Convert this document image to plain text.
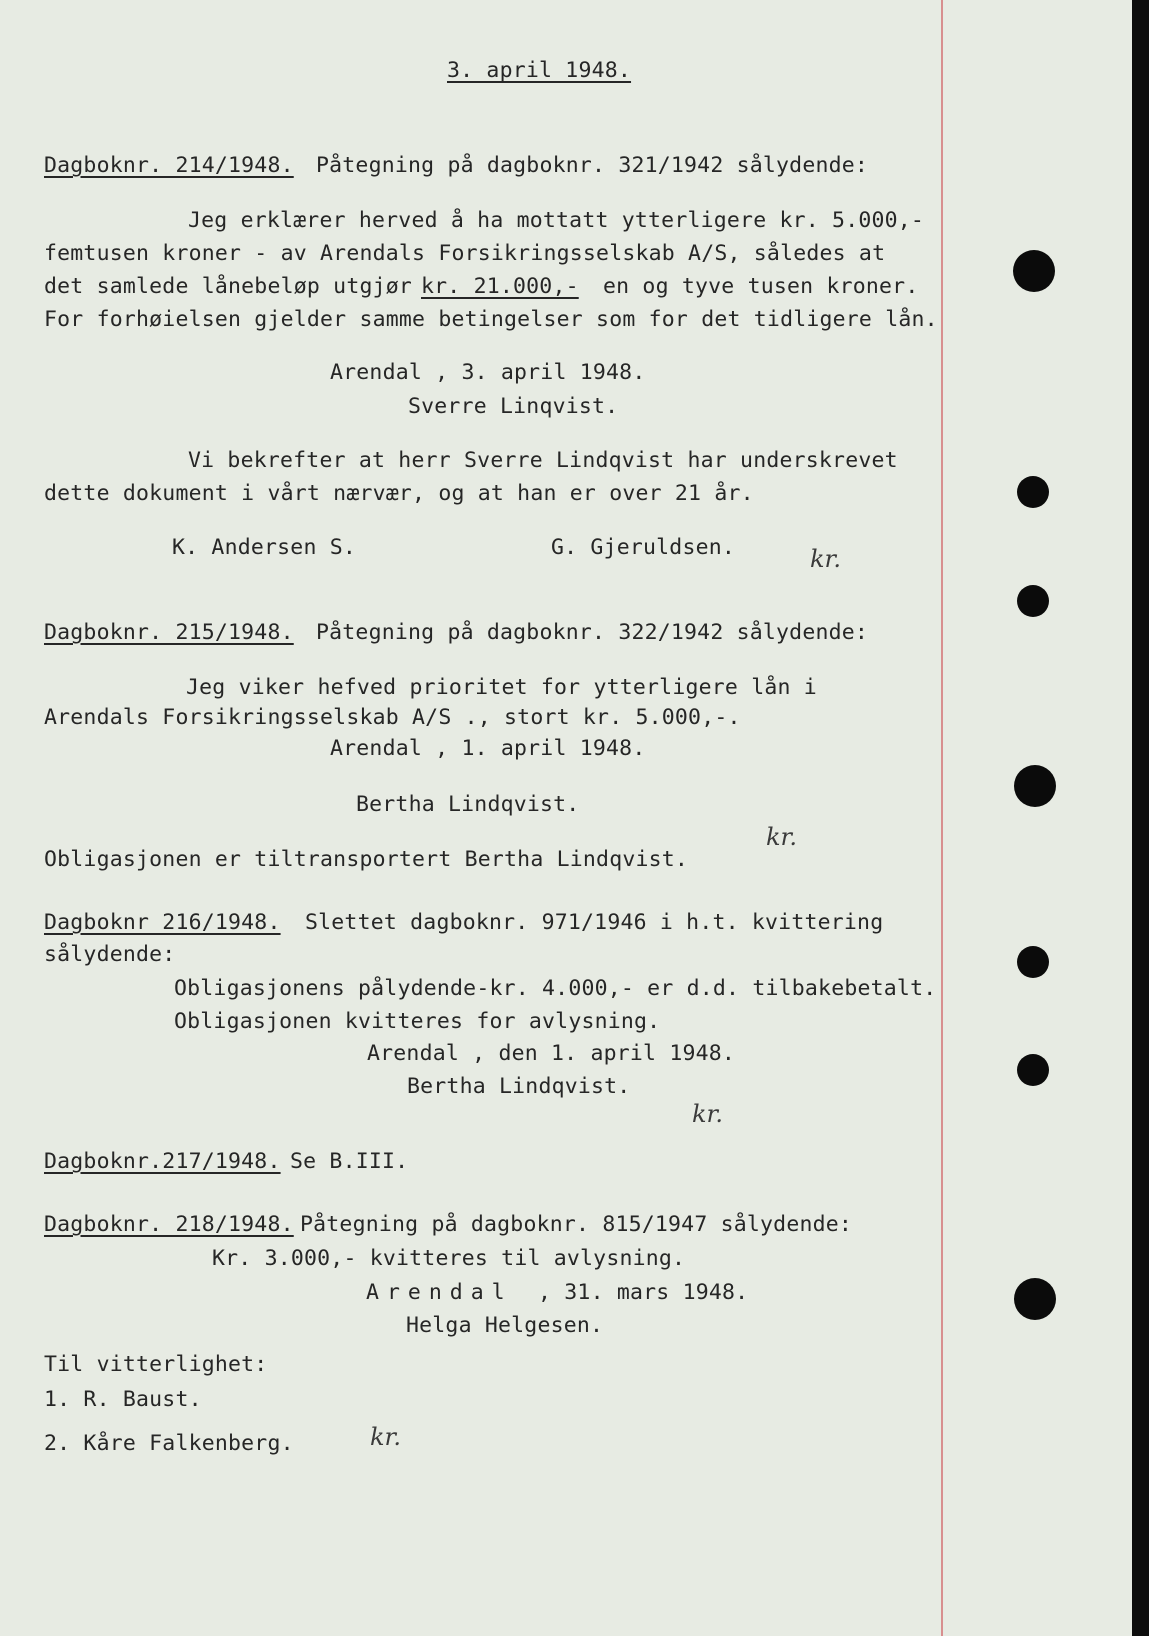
3. april 1948.
Dagboknr. 214/1948. Påtegning på dagboknr. 321/1942 sålydende:
Jeg erklærer herved å ha mottatt ytterligere kr. 5.000,-
femtusen kroner - av Arendals Forsikringsselskab A/S, således at
det samlede lånebeløp utgjør kr. 21.000,- en og tyve tusen kroner.
For forhøielsen gjelder samme betingelser som for det tidligere lån.
Arendal , 3. april 1948.
Sverre Linqvist.
Vi bekrefter at herr Sverre Lindqvist har underskrevet
dette dokument i vårt nærvær, og at han er over 21 år.
K. Andersen S.	G. Gjeruldsen.	kr.
Dagboknr. 215/1948. Påtegning på dagboknr. 322/1942 sålydende:
Jeg viker hefved prioritet for ytterligere lån i
Arendals Forsikringsselskab A/S ., stort kr. 5.000,-.
Arendal , 1. april 1948.
Bertha Lindqvist.
kr.
Obligasjonen er tiltransportert Bertha Lindqvist.
Dagboknr 216/1948. Slettet dagboknr. 971/1946 i h.t. kvittering
sålydende:
Obligasjonens pålydende-kr. 4.000,- er d.d. tilbakebetalt.
Obligasjonen kvitteres for avlysning.
Arendal , den 1. april 1948.
Bertha Lindqvist.
kr.
Dagboknr.217/1948. Se B.III.
Dagboknr. 218/1948. Påtegning på dagboknr. 815/1947 sålydende:
Kr. 3.000,- kvitteres til avlysning.
Arendal , 31. mars 1948.
Helga Helgesen.
Til vitterlighet:
1. R. Baust.
2. Kåre Falkenberg.	kr.
